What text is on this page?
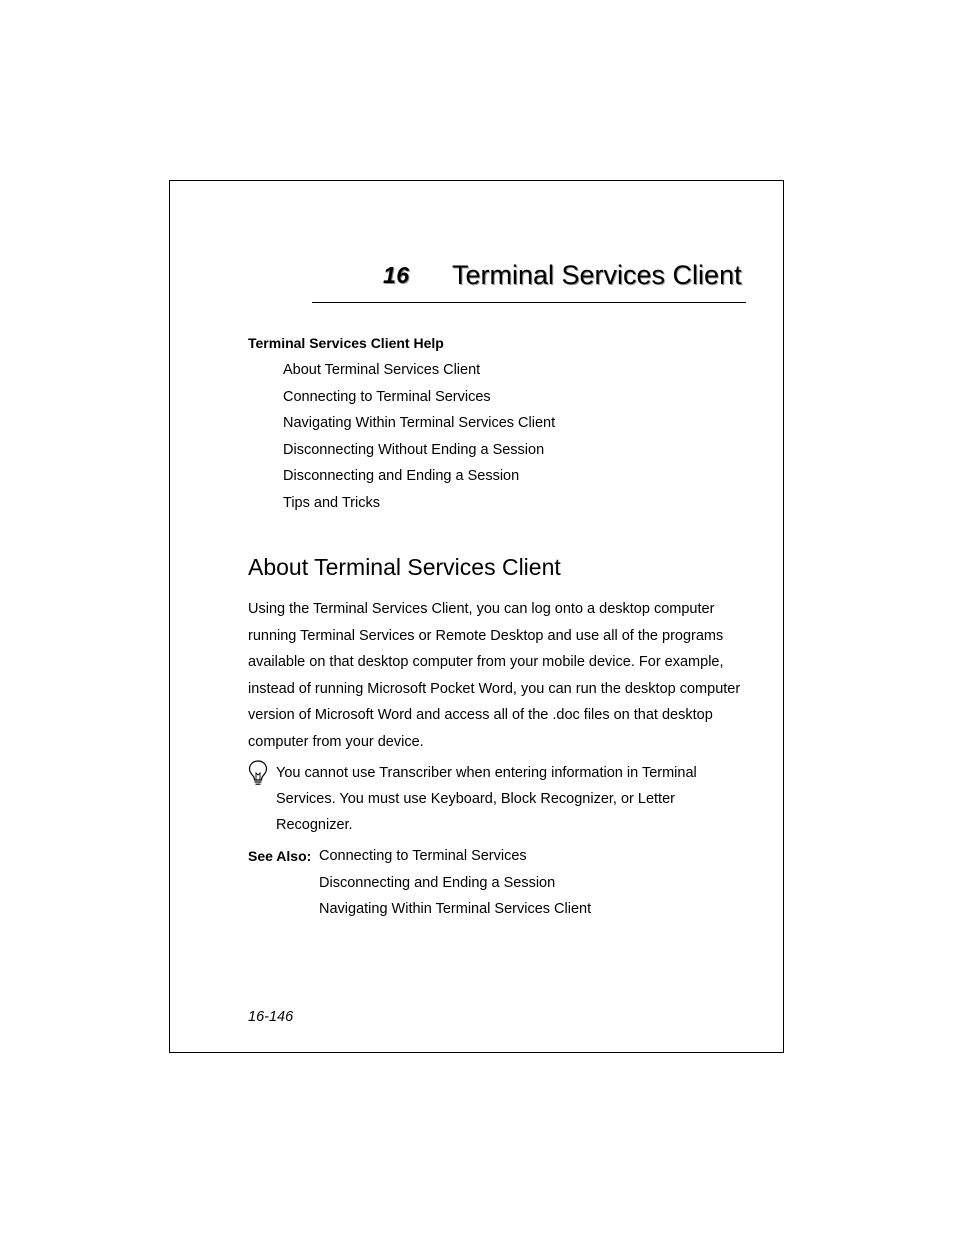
16 Terminal Services Client
Terminal Services Client Help
About Terminal Services Client
Connecting to Terminal Services
Navigating Within Terminal Services Client
Disconnecting Without Ending a Session
Disconnecting and Ending a Session
Tips and Tricks
About Terminal Services Client

Using the Terminal Services Client, you can log onto a desktop computer running Terminal Services or Remote Desktop and use all of the programs available on that desktop computer from your mobile device. For example, instead of running Microsoft Pocket Word, you can run the desktop computer version of Microsoft Word and access all of the .doc files on that desktop computer from your device.

You cannot use Transcriber when entering information in Terminal Services. You must use Keyboard, Block Recognizer, or Letter Recognizer.

See Also: Connecting to Terminal Services
Disconnecting and Ending a Session
Navigating Within Terminal Services Client
16-146
